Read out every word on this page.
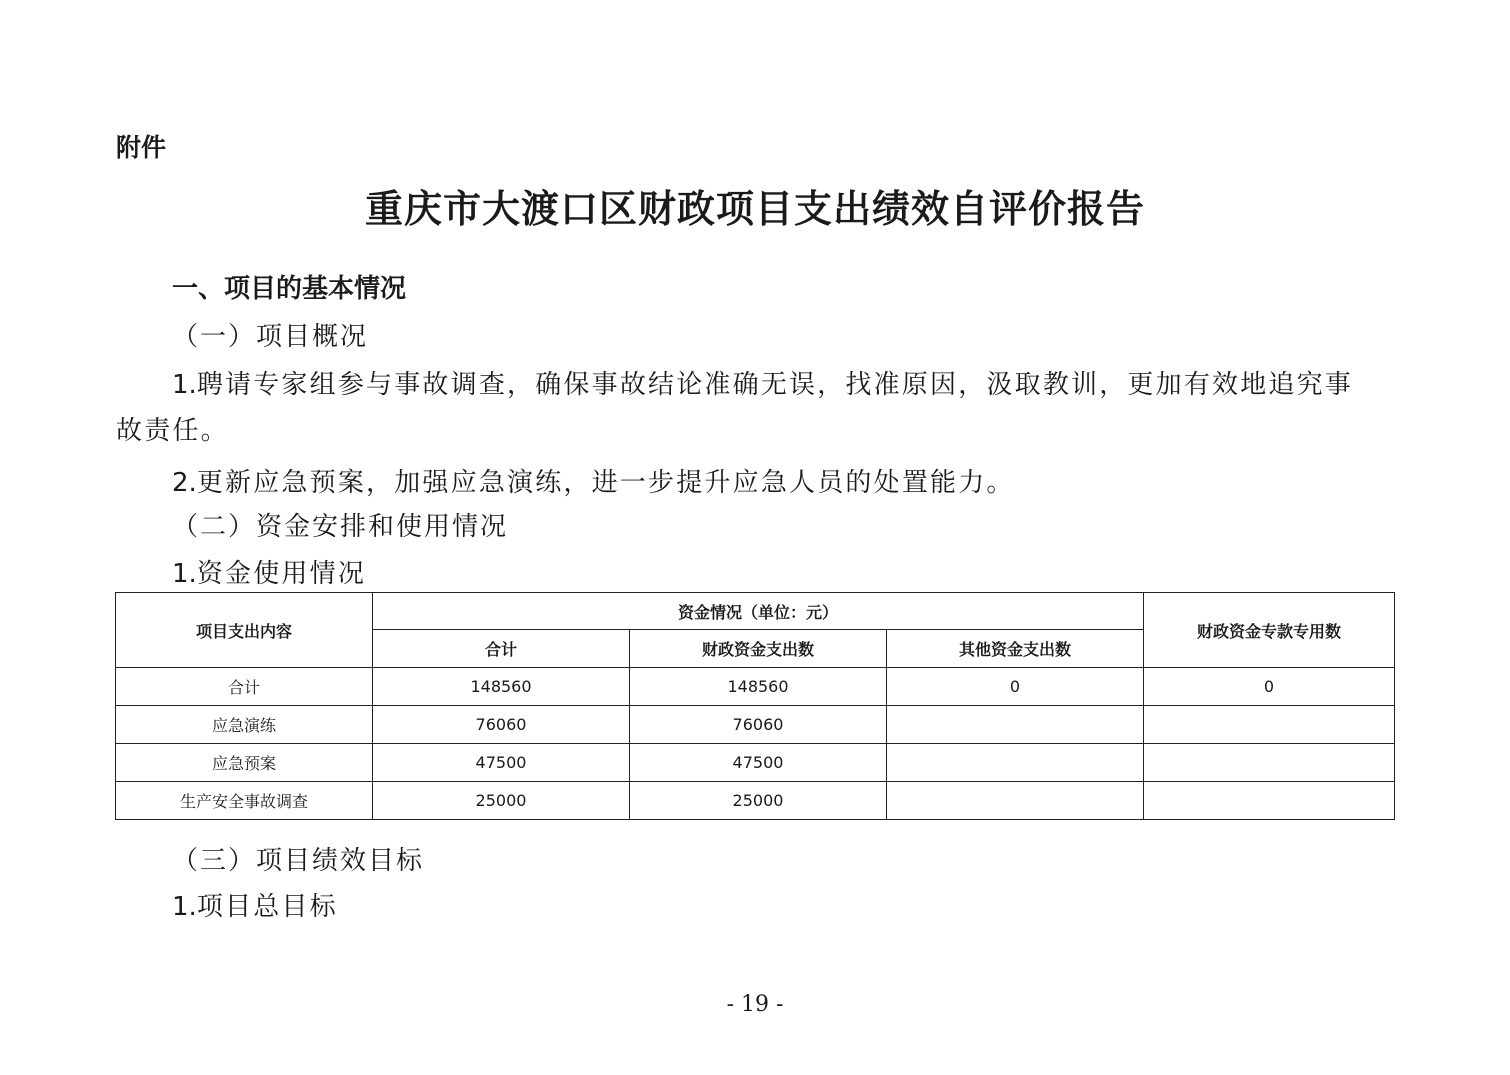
附件
重庆市大渡口区财政项目支出绩效自评价报告
一、项目的基本情况
（一）项目概况
1.聘请专家组参与事故调查，确保事故结论准确无误，找准原因，汲取教训，更加有效地追究事
故责任。
2.更新应急预案，加强应急演练，进一步提升应急人员的处置能力。
（二）资金安排和使用情况
1.资金使用情况
项目支出内容	资金情况（单位：元）			财政资金专款专用数
	合计	财政资金支出数	其他资金支出数	
合计	148560	148560	0	0
应急演练	76060	76060		
应急预案	47500	47500		
生产安全事故调查	25000	25000		
（三）项目绩效目标
1.项目总目标
- 19 -
